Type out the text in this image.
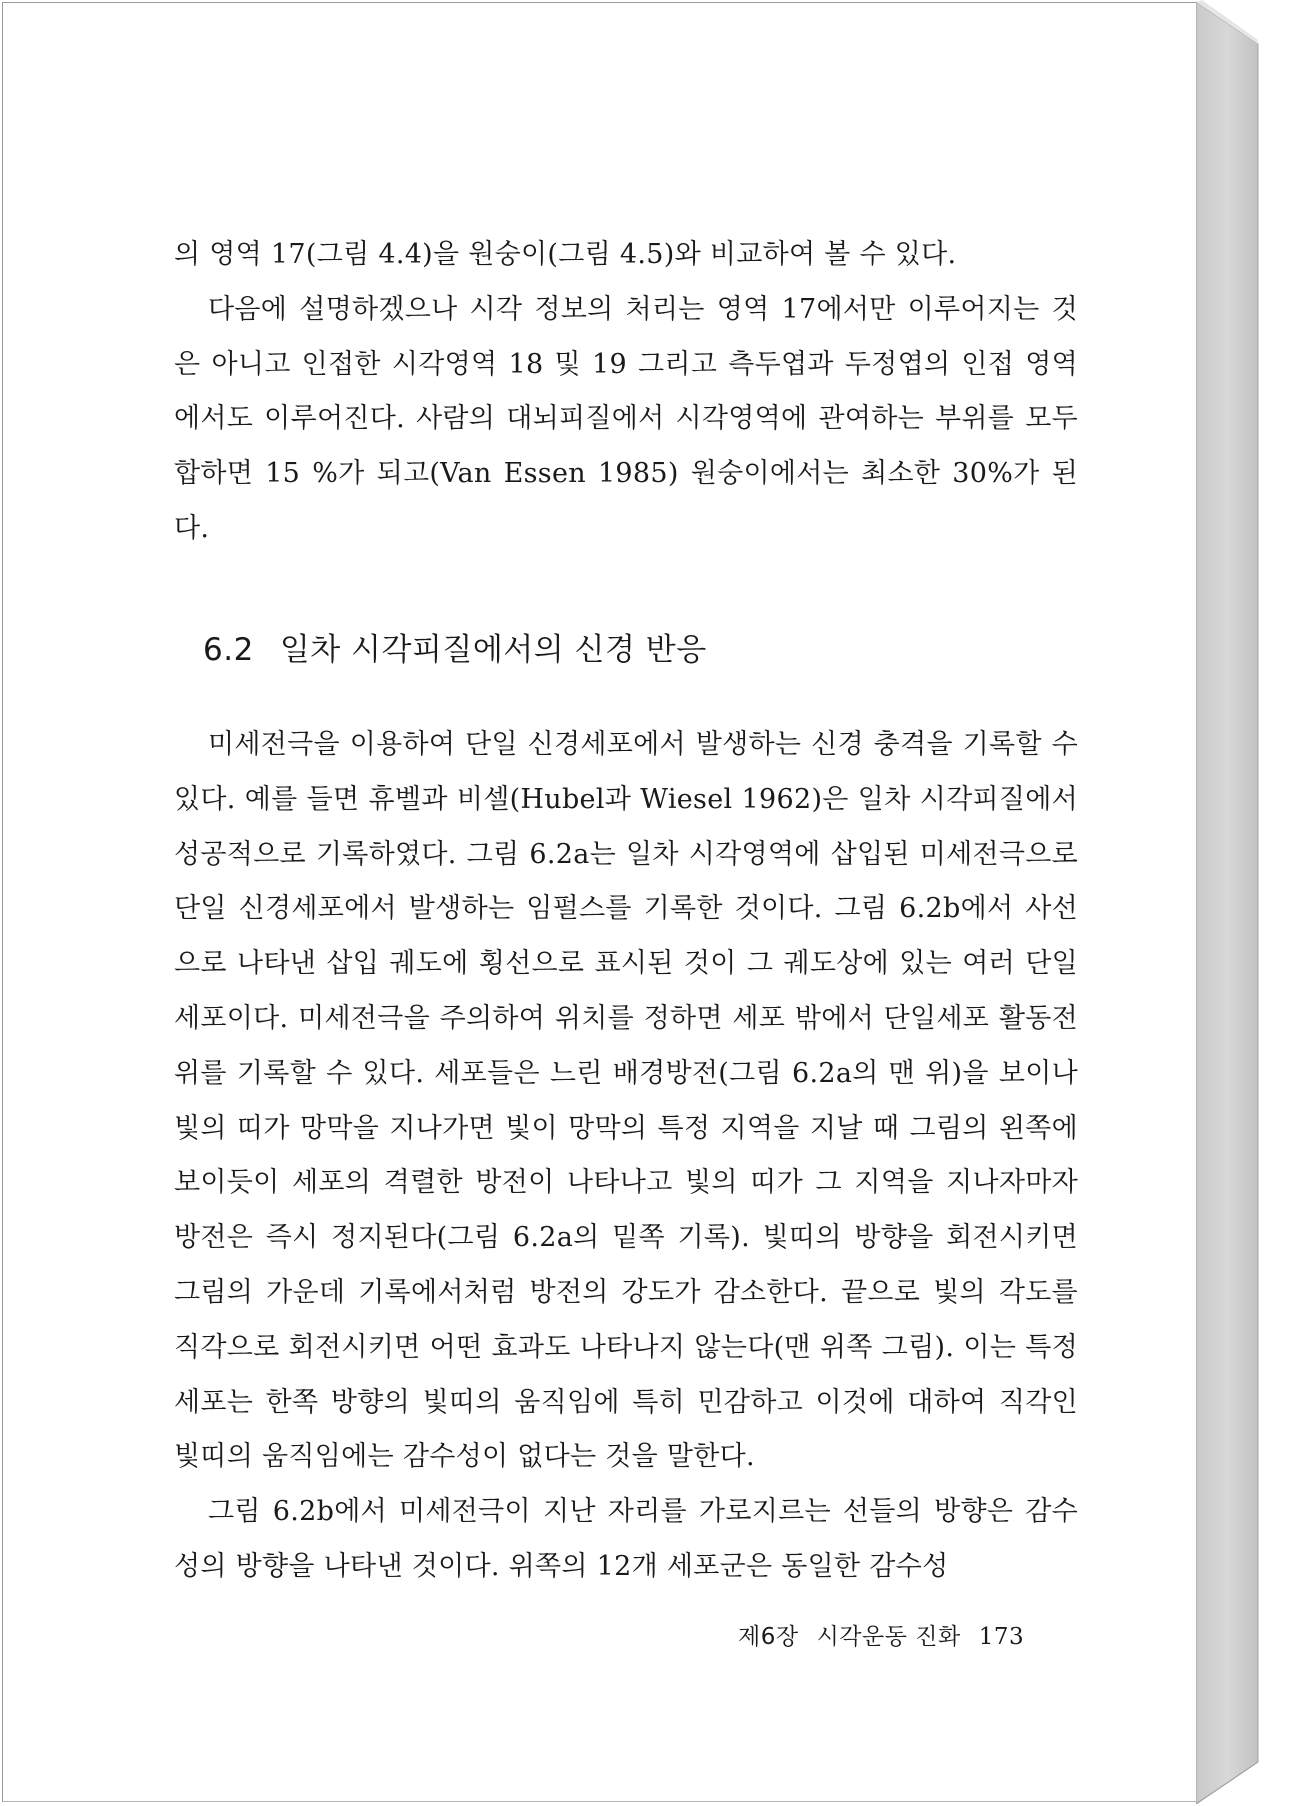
의 영역 17(그림 4.4)을 원숭이(그림 4.5)와 비교하여 볼 수 있다.

다음에 설명하겠으나 시각 정보의 처리는 영역 17에서만 이루어지는 것은 아니고 인접한 시각영역 18 및 19 그리고 측두엽과 두정엽의 인접 영역에서도 이루어진다. 사람의 대뇌피질에서 시각영역에 관여하는 부위를 모두 합하면 15 %가 되고(Van Essen 1985) 원숭이에서는 최소한 30%가 된다.

6.2 일차 시각피질에서의 신경 반응

미세전극을 이용하여 단일 신경세포에서 발생하는 신경 충격을 기록할 수 있다. 예를 들면 휴벨과 비셀(Hubel과 Wiesel 1962)은 일차 시각피질에서 성공적으로 기록하였다. 그림 6.2a는 일차 시각영역에 삽입된 미세전극으로 단일 신경세포에서 발생하는 임펄스를 기록한 것이다. 그림 6.2b에서 사선으로 나타낸 삽입 궤도에 횡선으로 표시된 것이 그 궤도상에 있는 여러 단일세포이다. 미세전극을 주의하여 위치를 정하면 세포 밖에서 단일세포 활동전위를 기록할 수 있다. 세포들은 느린 배경방전(그림 6.2a의 맨 위)을 보이나 빛의 띠가 망막을 지나가면 빛이 망막의 특정 지역을 지날 때 그림의 왼쪽에 보이듯이 세포의 격렬한 방전이 나타나고 빛의 띠가 그 지역을 지나자마자 방전은 즉시 정지된다(그림 6.2a의 밑쪽 기록). 빛띠의 방향을 회전시키면 그림의 가운데 기록에서처럼 방전의 강도가 감소한다. 끝으로 빛의 각도를 직각으로 회전시키면 어떤 효과도 나타나지 않는다(맨 위쪽 그림). 이는 특정 세포는 한쪽 방향의 빛띠의 움직임에 특히 민감하고 이것에 대하여 직각인 빛띠의 움직임에는 감수성이 없다는 것을 말한다.

그림 6.2b에서 미세전극이 지난 자리를 가로지르는 선들의 방향은 감수성의 방향을 나타낸 것이다. 위쪽의 12개 세포군은 동일한 감수성

제6장 시각운동 진화 173
